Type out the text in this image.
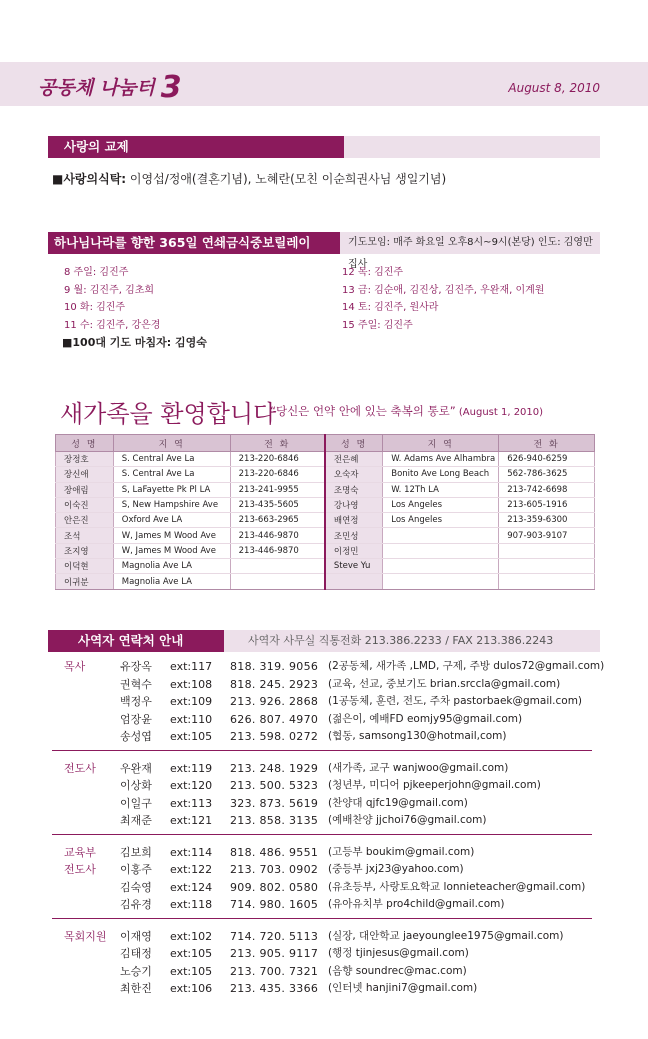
공동체 나눔터 3	August 8, 2010
사랑의 교제
■사랑의식탁: 이영섭/정애(결혼기념), 노혜란(모친 이순희권사님 생일기념)
하나님나라를 향한 365일 연쇄금식중보릴레이	기도모임: 매주 화요일 오후8시~9시(본당) 인도: 김영만 집사
8 주일: 김진주
9 월: 김진주, 김초희
10 화: 김진주
11 수: 김진주, 강은경
12 목: 김진주
13 금: 김순애, 김진상, 김진주, 우완재, 이계원
14 토: 김진주, 원사라
15 주일: 김진주
■100대 기도 마침자: 김영숙
새가족을 환영합니다
“당신은 언약 안에 있는 축복의 통로” (August 1, 2010)
성 명	지 역	전 화	성 명	지 역	전 화
장정호	S. Central Ave La	213-220-6846	전은혜	W. Adams Ave Alhambra	626-940-6259
장신애	S. Central Ave La	213-220-6846	오숙자	Bonito Ave Long Beach	562-786-3625
장애림	S, LaFayette Pk Pl LA	213-241-9955	조명숙	W. 12Th LA	213-742-6698
이숙진	S, New Hampshire Ave	213-435-5605	강나영	Los Angeles	213-605-1916
안은진	Oxford Ave LA	213-663-2965	배연정	Los Angeles	213-359-6300
조석	W, James M Wood Ave	213-446-9870	조민성		907-903-9107
조지영	W, James M Wood Ave	213-446-9870	이정민		
이덕현	Magnolia Ave LA		Steve Yu		
이귀분	Magnolia Ave LA				
사역자 연락처 안내	사역자 사무실 직통전화 213.386.2233 / FAX 213.386.2243
목사	유장옥 ext:117 818. 319. 9056 (2공동체, 새가족 ,LMD, 구제, 주방 dulos72@gmail.com)
권혁수 ext:108 818. 245. 2923 (교육, 선교, 중보기도 brian.srccla@gmail.com)
백정우 ext:109 213. 926. 2868 (1공동체, 훈련, 전도, 주차 pastorbaek@gmail.com)
엄장윤 ext:110 626. 807. 4970 (젊은이, 예배FD eomjy95@gmail.com)
송성엽 ext:105 213. 598. 0272 (협동, samsong130@hotmail,com)
전도사 우완재 ext:119 213. 248. 1929 (새가족, 교구 wanjwoo@gmail.com)
이상화 ext:120 213. 500. 5323 (청년부, 미디어 pjkeeperjohn@gmail.com)
이일구 ext:113 323. 873. 5619 (찬양대 qjfc19@gmail.com)
최재준 ext:121 213. 858. 3135 (예배찬양 jjchoi76@gmail.com)
교육부
전도사
김보희 ext:114 818. 486. 9551 (고등부 boukim@gmail.com)
이홍주 ext:122 213. 703. 0902 (중등부 jxj23@yahoo.com)
김숙영 ext:124 909. 802. 0580 (유초등부, 사랑토요학교 lonnieteacher@gmail.com)
김유경 ext:118 714. 980. 1605 (유아유치부 pro4child@gmail.com)
목회지원 이재영 ext:102 714. 720. 5113 (실장, 대안학교 jaeyounglee1975@gmail.com)
김태정 ext:105 213. 905. 9117 (행정 tjinjesus@gmail.com)
노승기 ext:105 213. 700. 7321 (음향 soundrec@mac.com)
최한진 ext:106 213. 435. 3366 (인터넷 hanjini7@gmail.com)
